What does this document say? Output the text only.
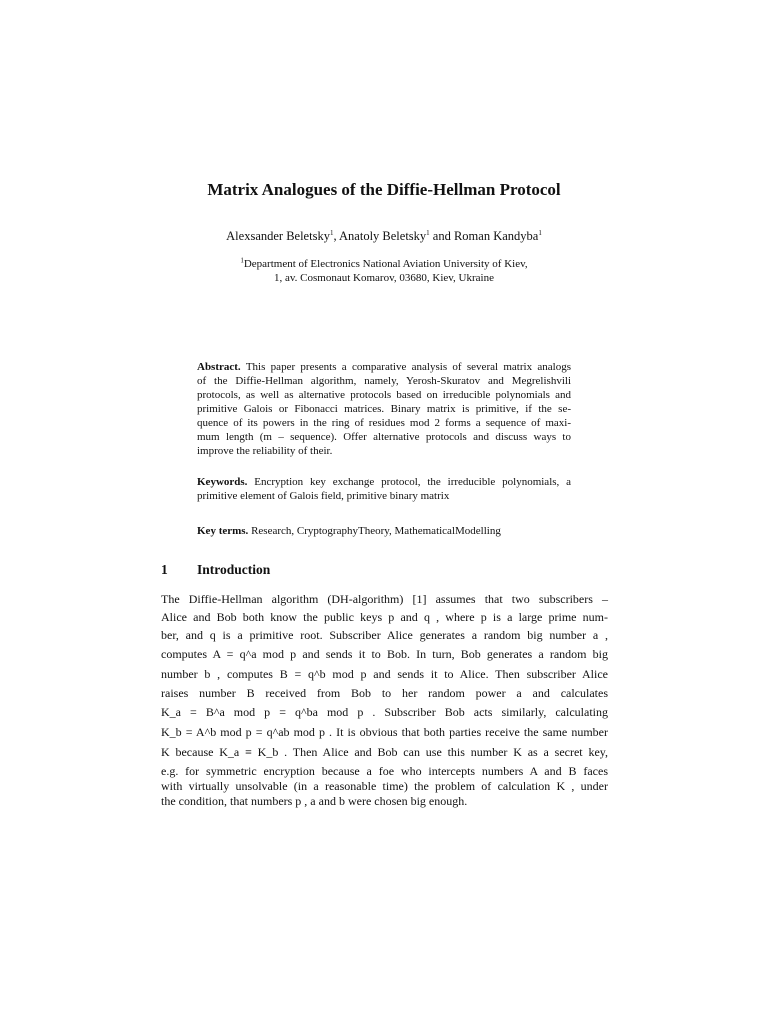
Matrix Analogues of the Diffie-Hellman Protocol
Alexsander Beletsky$^1$, Anatoly Beletsky$^1$ and Roman Kandyba$^1$
$^1$Department of Electronics National Aviation University of Kiev,
1, av. Cosmonaut Komarov, 03680, Kiev, Ukraine
Abstract. This paper presents a comparative analysis of several matrix analogs
of the Diffie-Hellman algorithm, namely, Yerosh-Skuratov and Megrelishvili
protocols, as well as alternative protocols based on irreducible polynomials and
primitive Galois or Fibonacci matrices. Binary matrix is primitive, if the se-
quence of its powers in the ring of residues mod 2 forms a sequence of maxi-
mum length (m – sequence). Offer alternative protocols and discuss ways to
improve the reliability of their.
Keywords. Encryption key exchange protocol, the irreducible polynomials, a
primitive element of Galois field, primitive binary matrix
Key terms. Research, CryptographyTheory, MathematicalModelling
1 Introduction
The Diffie-Hellman algorithm (DH-algorithm) [1] assumes that two subscribers –
Alice and Bob both know the public keys p and q , where p is a large prime num-
ber, and q is a primitive root. Subscriber Alice generates a random big number a ,
computes A = q^a mod p and sends it to Bob. In turn, Bob generates a random big
number b , computes B = q^b mod p and sends it to Alice. Then subscriber Alice
raises number B received from Bob to her random power a and calculates
K_a = B^a mod p = q^ba mod p . Subscriber Bob acts similarly, calculating
K_b = A^b mod p = q^ab mod p . It is obvious that both parties receive the same number
K because K_a ≡ K_b . Then Alice and Bob can use this number K as a secret key,
e.g. for symmetric encryption because a foe who intercepts numbers A and B faces
with virtually unsolvable (in a reasonable time) the problem of calculation K , under
the condition, that numbers p , a and b were chosen big enough.
